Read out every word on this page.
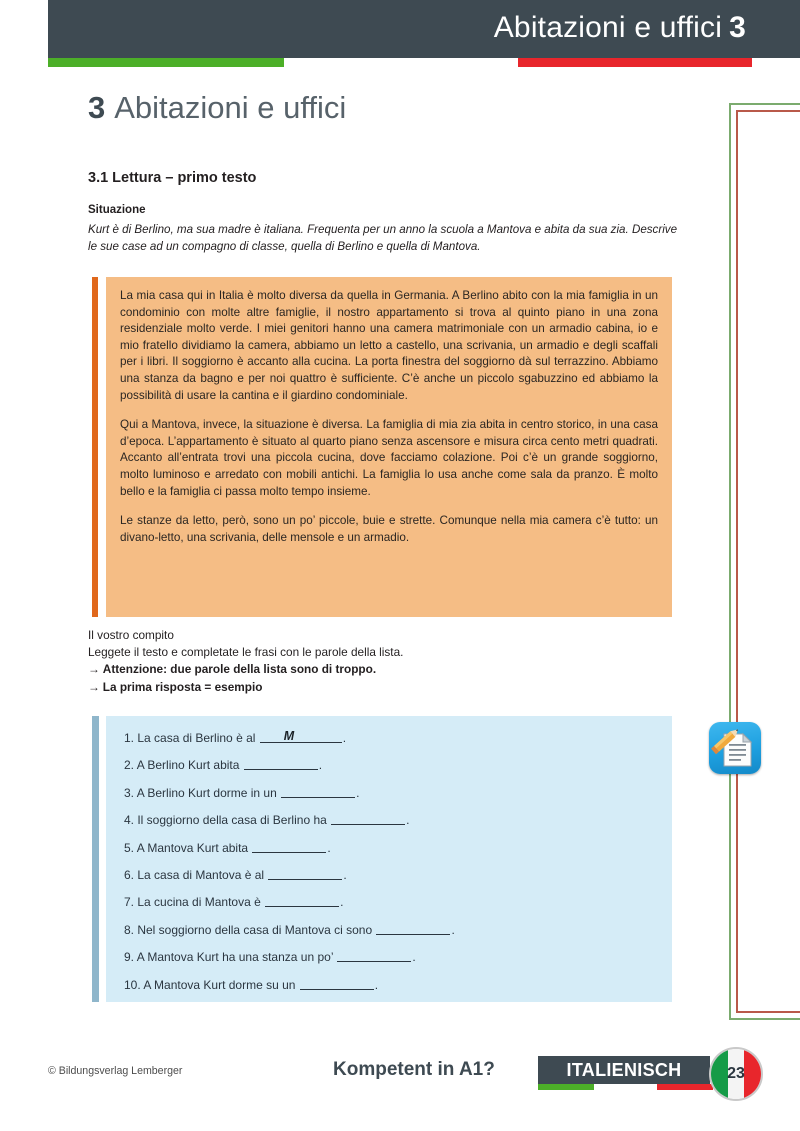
Abitazioni e uffici 3
3 Abitazioni e uffici
3.1 Lettura – primo testo
Situazione
Kurt è di Berlino, ma sua madre è italiana. Frequenta per un anno la scuola a Mantova e abita da sua zia. Descrive le sue case ad un compagno di classe, quella di Berlino e quella di Mantova.

La mia casa qui in Italia è molto diversa da quella in Germania. A Berlino abito con la mia famiglia in un condominio con molte altre famiglie, il nostro appartamento si trova al quinto piano in una zona residenziale molto verde. I miei genitori hanno una camera matrimoniale con un armadio cabina, io e mio fratello dividiamo la camera, abbiamo un letto a castello, una scrivania, un armadio e degli scaffali per i libri. Il soggiorno è accanto alla cucina. La porta finestra del soggiorno dà sul terrazzino. Abbiamo una stanza da bagno e per noi quattro è sufficiente. C’è anche un piccolo sgabuzzino ed abbiamo la possibilità di usare la cantina e il giardino condominiale.

Qui a Mantova, invece, la situazione è diversa. La famiglia di mia zia abita in centro storico, in una casa d’epoca. L’appartamento è situato al quarto piano senza ascensore e misura circa cento metri quadrati. Accanto all’entrata trovi una piccola cucina, dove facciamo colazione. Poi c’è un grande soggiorno, molto luminoso e arredato con mobili antichi. La famiglia lo usa anche come sala da pranzo. È molto bello e la famiglia ci passa molto tempo insieme.

Le stanze da letto, però, sono un po’ piccole, buie e strette. Comunque nella mia camera c’è tutto: un divano-letto, una scrivania, delle mensole e un armadio.

Il vostro compito
Leggete il testo e completate le frasi con le parole della lista.
→ Attenzione: due parole della lista sono di troppo.
→ La prima risposta = esempio
1. La casa di Berlino è al M	.
2. A Berlino Kurt abita	.
3. A Berlino Kurt dorme in un	.
4. Il soggiorno della casa di Berlino ha	.
5. A Mantova Kurt abita	.
6. La casa di Mantova è al	.
7. La cucina di Mantova è	.
8. Nel soggiorno della casa di Mantova ci sono	.
9. A Mantova Kurt ha una stanza un po’	.
10. A Mantova Kurt dorme su un	.
© Bildungsverlag Lemberger	Kompetent in A1?	ITALIENISCH	23
